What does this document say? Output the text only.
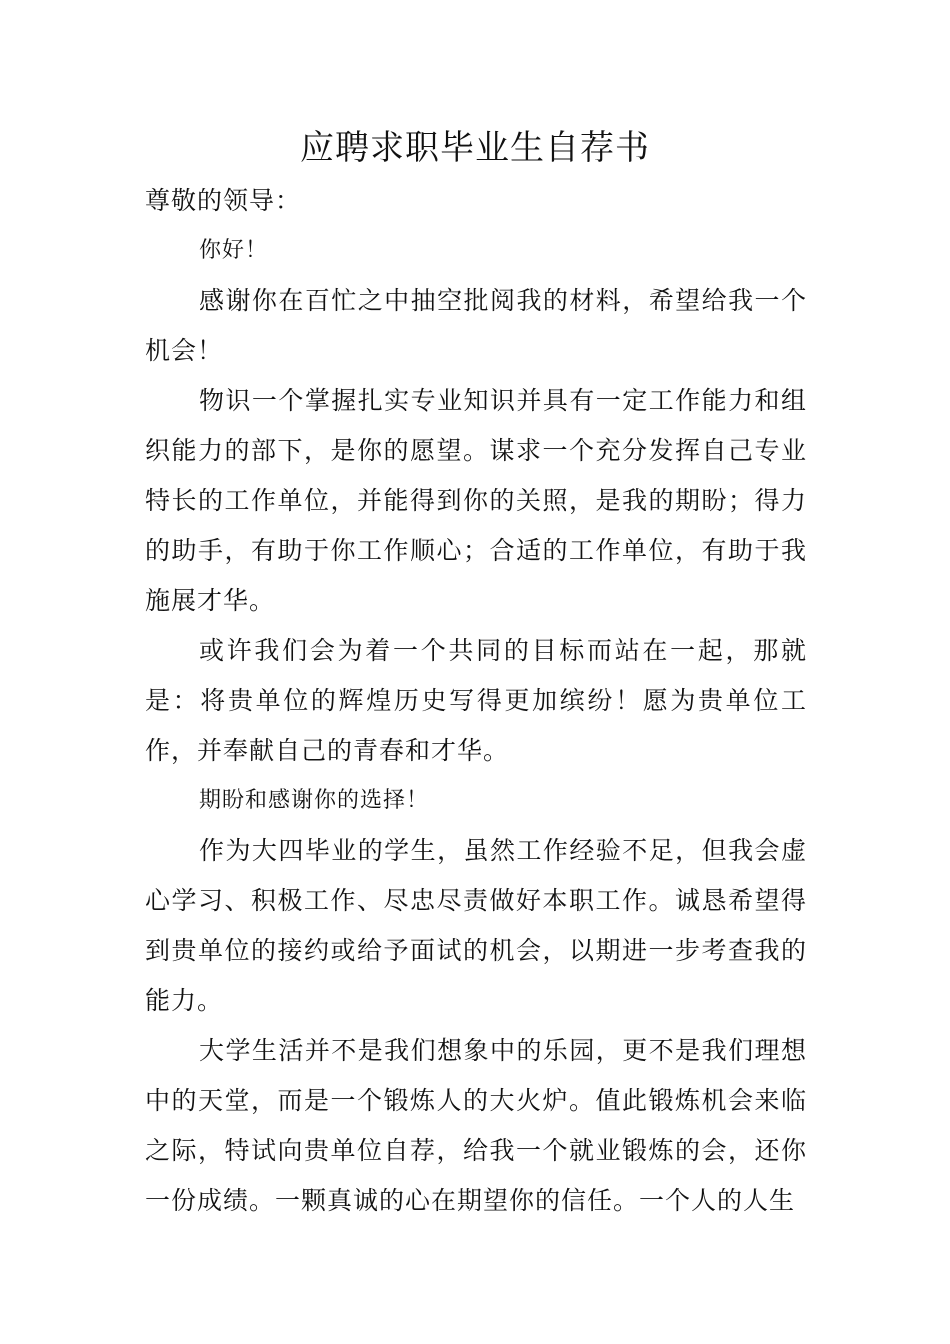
应聘求职毕业生自荐书

尊敬的领导：

你好！

感谢你在百忙之中抽空批阅我的材料，希望给我一个机会！

物识一个掌握扎实专业知识并具有一定工作能力和组织能力的部下，是你的愿望。谋求一个充分发挥自己专业特长的工作单位，并能得到你的关照，是我的期盼；得力的助手，有助于你工作顺心；合适的工作单位，有助于我施展才华。

或许我们会为着一个共同的目标而站在一起，那就是：将贵单位的辉煌历史写得更加缤纷！愿为贵单位工作，并奉献自己的青春和才华。

期盼和感谢你的选择！

作为大四毕业的学生，虽然工作经验不足，但我会虚心学习、积极工作、尽忠尽责做好本职工作。诚恳希望得到贵单位的接约或给予面试的机会，以期进一步考查我的能力。

大学生活并不是我们想象中的乐园，更不是我们理想中的天堂，而是一个锻炼人的大火炉。值此锻炼机会来临之际，特试向贵单位自荐，给我一个就业锻炼的会，还你一份成绩。一颗真诚的心在期望你的信任。一个人的人生
